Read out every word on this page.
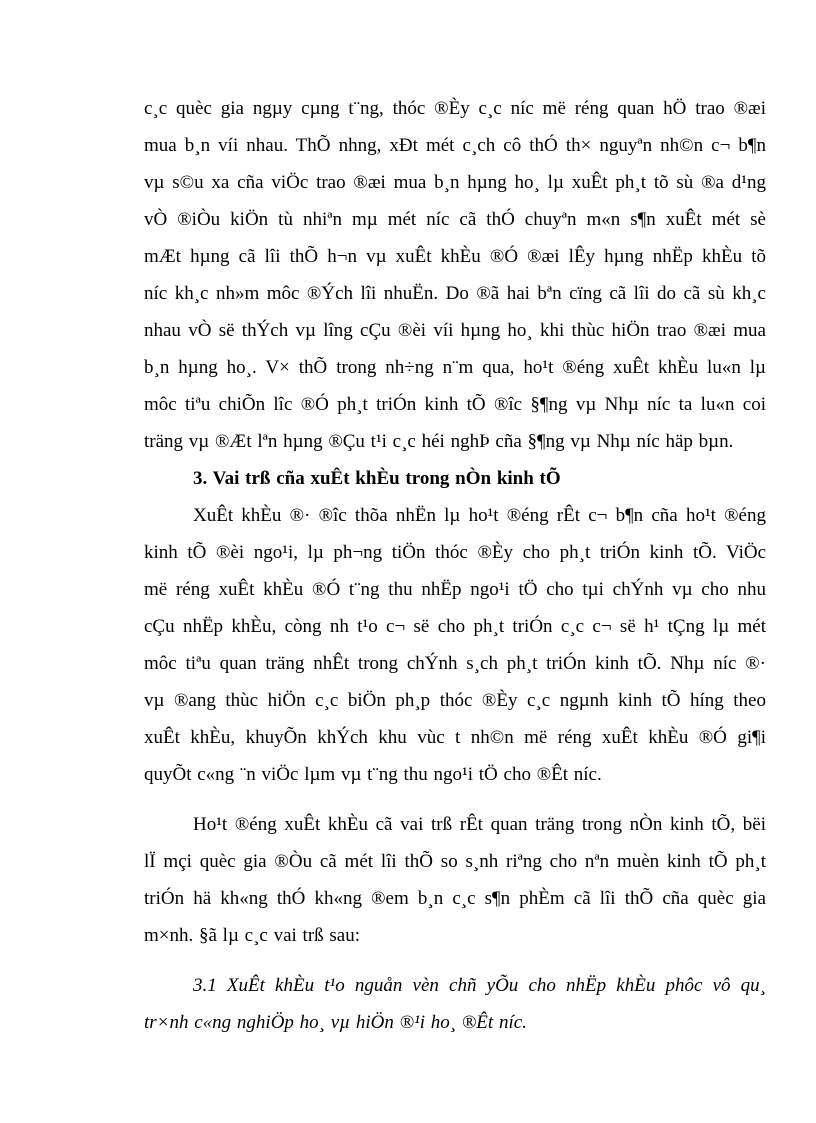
c¸c quèc gia ngµy cµng t¨ng, thóc ®Èy c¸c níc më réng quan hÖ trao ®æi
mua b¸n víi nhau. ThÕ nhng, xÐt mét c¸ch cô thÓ th× nguyªn nh©n c¬ b¶n
vµ s©u xa cña viÖc trao ®æi mua b¸n hµng ho¸ lµ xuÊt ph¸t tõ sù ®a d¹ng
vÒ ®iÒu kiÖn tù nhiªn mµ mét níc cã thÓ chuyªn m«n s¶n xuÊt mét sè
mÆt hµng cã lîi thÕ h¬n vµ xuÊt khÈu ®Ó ®æi lÊy hµng nhËp khÈu tõ
níc kh¸c nh»m môc ®Ých lîi nhuËn. Do ®ã hai bªn cïng cã lîi do cã sù kh¸c
nhau vÒ së thÝch vµ lîng cÇu ®èi víi hµng ho¸ khi thùc hiÖn trao ®æi mua
b¸n hµng ho¸. V× thÕ trong nh÷ng n¨m qua, ho¹t ®éng xuÊt khÈu lu«n lµ
môc tiªu chiÕn lîc ®Ó ph¸t triÓn kinh tÕ ®îc §¶ng vµ Nhµ níc ta lu«n coi
träng vµ ®Æt lªn hµng ®Çu t¹i c¸c héi nghÞ cña §¶ng vµ Nhµ níc häp bµn.
3. Vai trß cña xuÊt khÈu trong nÒn kinh tÕ
XuÊt khÈu ®· ®îc thõa nhËn lµ ho¹t ®éng rÊt c¬ b¶n cña ho¹t ®éng
kinh tÕ ®èi ngo¹i, lµ ph¬ng tiÖn thóc ®Èy cho ph¸t triÓn kinh tÕ. ViÖc
më réng xuÊt khÈu ®Ó t¨ng thu nhËp ngo¹i tÖ cho tµi chÝnh vµ cho nhu
cÇu nhËp khÈu, còng nh t¹o c¬ së cho ph¸t triÓn c¸c c¬ së h¹ tÇng lµ mét
môc tiªu quan träng nhÊt trong chÝnh s¸ch ph¸t triÓn kinh tÕ. Nhµ níc ®·
vµ ®ang thùc hiÖn c¸c biÖn ph¸p thóc ®Èy c¸c ngµnh kinh tÕ híng theo
xuÊt khÈu, khuyÕn khÝch khu vùc t nh©n më réng xuÊt khÈu ®Ó gi¶i
quyÕt c«ng ¨n viÖc lµm vµ t¨ng thu ngo¹i tÖ cho ®Êt níc.
Ho¹t ®éng xuÊt khÈu cã vai trß rÊt quan träng trong nÒn kinh tÕ, bëi
lÏ mçi quèc gia ®Òu cã mét lîi thÕ so s¸nh riªng cho nªn muèn kinh tÕ ph¸t
triÓn hä kh«ng thÓ kh«ng ®em b¸n c¸c s¶n phÈm cã lîi thÕ cña quèc gia
m×nh. §ã lµ c¸c vai trß sau:
3.1 XuÊt khÈu t¹o nguån vèn chñ yÕu cho nhËp khÈu phôc vô qu¸
tr×nh c«ng nghiÖp ho¸ vµ hiÖn ®¹i ho¸ ®Êt níc.
